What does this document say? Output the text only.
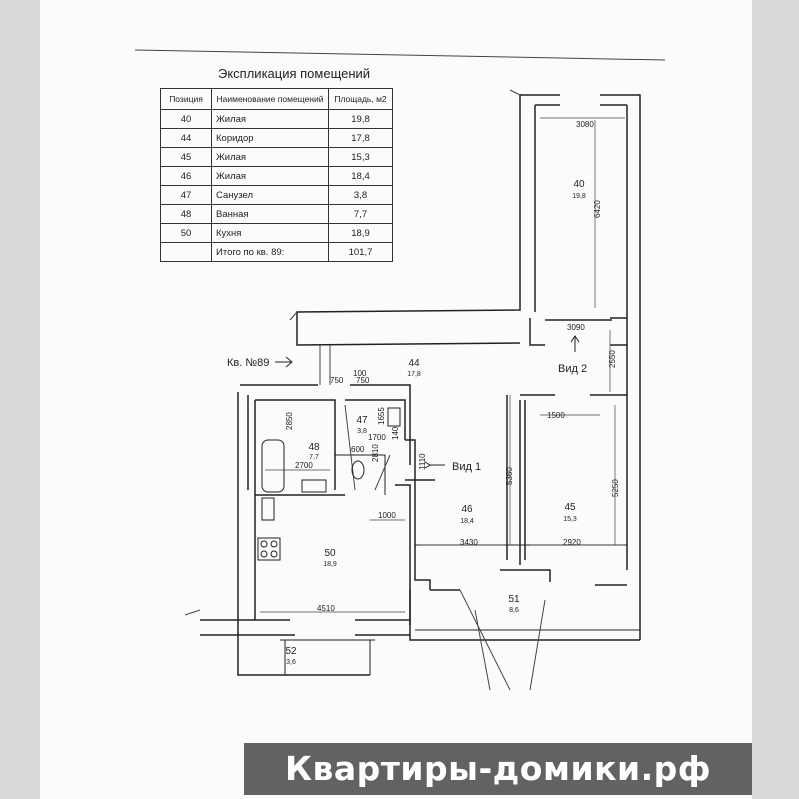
3080
6420
3090
2550
1500
5250
5360
1110
3430	2920
1000
4510
750 750
100
2850
2700
1700
600 2810
1655
140
40
19,8
44
17,8
45
15,3
46
18,4
47
3,8
48
7,7
50
18,9
51
8,6
52
3,6
Кв. №89
Вид 1
Вид 2
Экспликация помещений
Позиция	Наименование помещений	Площадь, м2
40	Жилая	19,8
44	Коридор	17,8
45	Жилая	15,3
46	Жилая	18,4
47	Санузел	3,8
48	Ванная	7,7
50	Кухня	18,9
	Итого по кв. 89:	101,7
Квартиры-домики.рф
